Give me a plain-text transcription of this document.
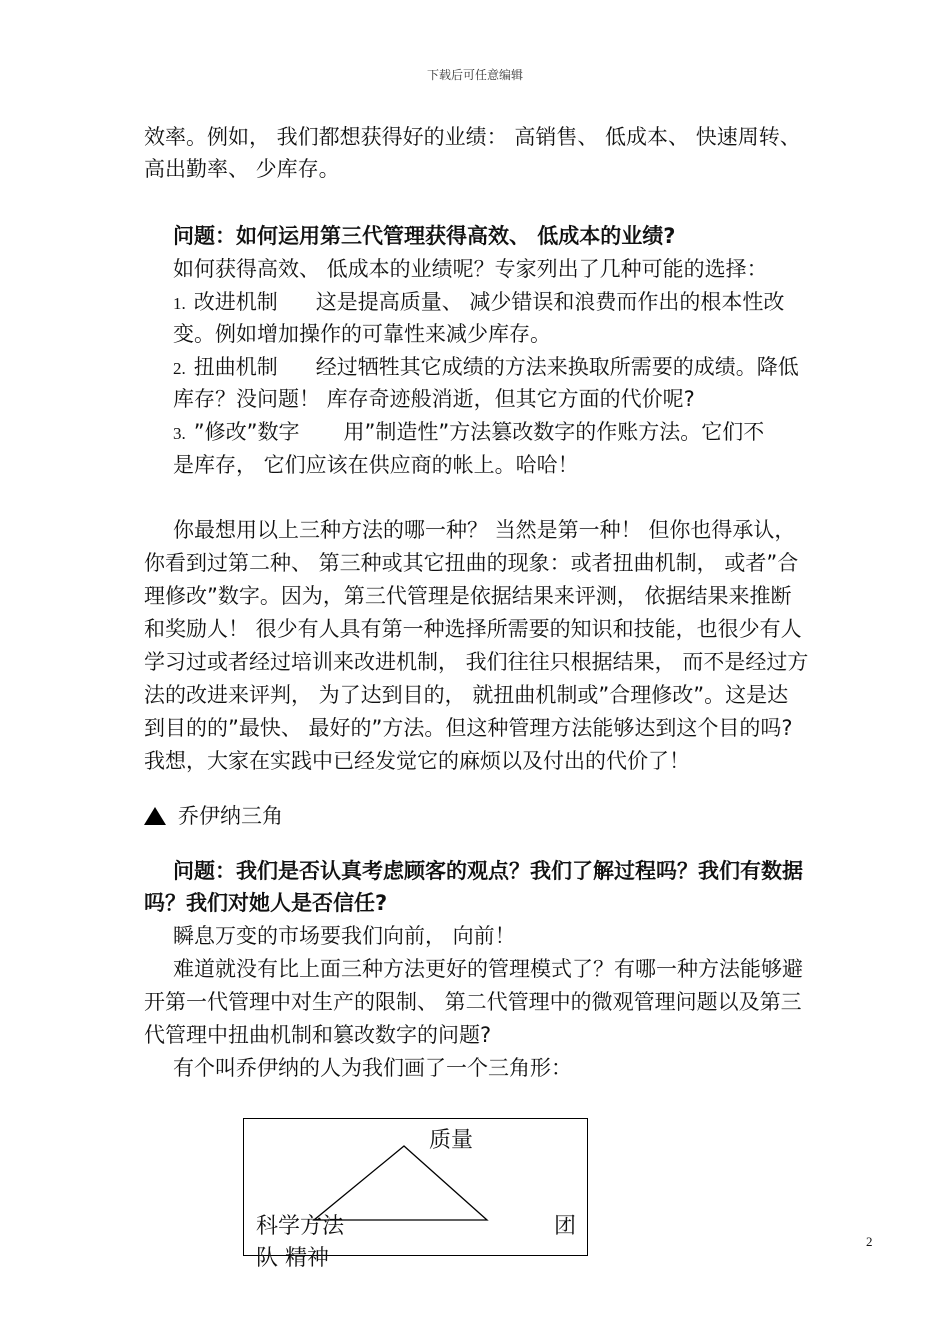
下载后可任意编辑

效率。例如， 我们都想获得好的业绩： 高销售、 低成本、 快速周转、

高出勤率、 少库存。

问题：如何运用第三代管理获得高效、 低成本的业绩?

如何获得高效、 低成本的业绩呢？专家列出了几种可能的选择：

1. 改进机制 这是提高质量、 减少错误和浪费而作出的根本性改

变。例如增加操作的可靠性来减少库存。

2. 扭曲机制 经过牺牲其它成绩的方法来换取所需要的成绩。降低

库存？没问题！ 库存奇迹般消逝，但其它方面的代价呢?

3. ”修改”数字 用”制造性”方法篡改数字的作账方法。它们不

是库存， 它们应该在供应商的帐上。哈哈！

你最想用以上三种方法的哪一种？ 当然是第一种！ 但你也得承认，

你看到过第二种、 第三种或其它扭曲的现象：或者扭曲机制， 或者”合

理修改”数字。因为，第三代管理是依据结果来评测， 依据结果来推断

和奖励人！ 很少有人具有第一种选择所需要的知识和技能，也很少有人

学习过或者经过培训来改进机制， 我们往往只根据结果， 而不是经过方

法的改进来评判， 为了达到目的， 就扭曲机制或”合理修改”。这是达

到目的的”最快、 最好的”方法。但这种管理方法能够达到这个目的吗?

我想，大家在实践中已经发觉它的麻烦以及付出的代价了！

乔伊纳三角

问题：我们是否认真考虑顾客的观点？我们了解过程吗？我们有数据

吗？我们对她人是否信任?

瞬息万变的市场要我们向前， 向前！

难道就没有比上面三种方法更好的管理模式了？有哪一种方法能够避

开第一代管理中对生产的限制、 第二代管理中的微观管理问题以及第三

代管理中扭曲机制和篡改数字的问题?

有个叫乔伊纳的人为我们画了一个三角形：

质量
科学方法	团
队 精神
2
